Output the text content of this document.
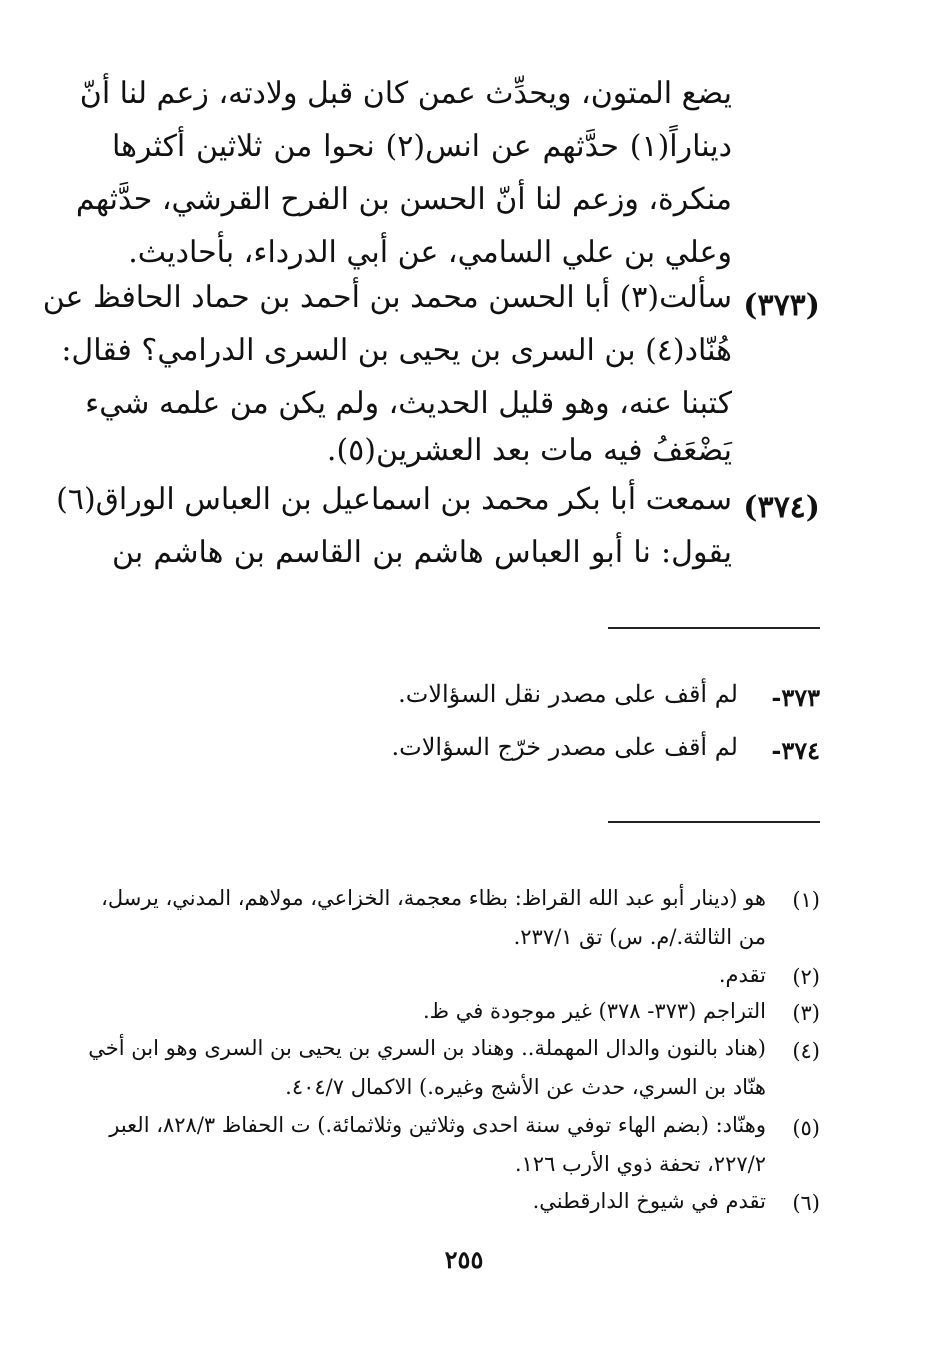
يضع المتون، ويحدِّث عمن كان قبل ولادته، زعم لنا أنّ
ديناراً(١) حدَّثهم عن انس(٢) نحوا من ثلاثين أكثرها
منكرة، وزعم لنا أنّ الحسن بن الفرح القرشي، حدَّثهم
وعلي بن علي السامي، عن أبي الدرداء، بأحاديث.
(٣٧٣)
سألت(٣) أبا الحسن محمد بن أحمد بن حماد الحافظ عن
هُنّاد(٤) بن السرى بن يحيى بن السرى الدرامي؟ فقال:
كتبنا عنه، وهو قليل الحديث، ولم يكن من علمه شيء
يَضْعَفُ فيه مات بعد العشرين(٥).
(٣٧٤)
سمعت أبا بكر محمد بن اسماعيل بن العباس الوراق(٦)
يقول: نا أبو العباس هاشم بن القاسم بن هاشم بن
٣٧٣-
لم أقف على مصدر نقل السؤالات.
٣٧٤-
لم أقف على مصدر خرّج السؤالات.
(١)
هو (دينار أبو عبد الله القراظ: بظاء معجمة، الخزاعي، مولاهم، المدني، يرسل،
من الثالثة./م. س) تق ٢٣٧/١.
(٢)
تقدم.
(٣)
التراجم (٣٧٣- ٣٧٨) غير موجودة في ظ.
(٤)
(هناد بالنون والدال المهملة.. وهناد بن السري بن يحيى بن السرى وهو ابن أخي
هنّاد بن السري، حدث عن الأشج وغيره.) الاكمال ٤٠٤/٧.
(٥)
وهنّاد: (بضم الهاء توفي سنة احدى وثلاثين وثلاثمائة.) ت الحفاظ ٨٢٨/٣، العبر
٢٢٧/٢، تحفة ذوي الأرب ١٢٦.
(٦)
تقدم في شيوخ الدارقطني.
٢٥٥
